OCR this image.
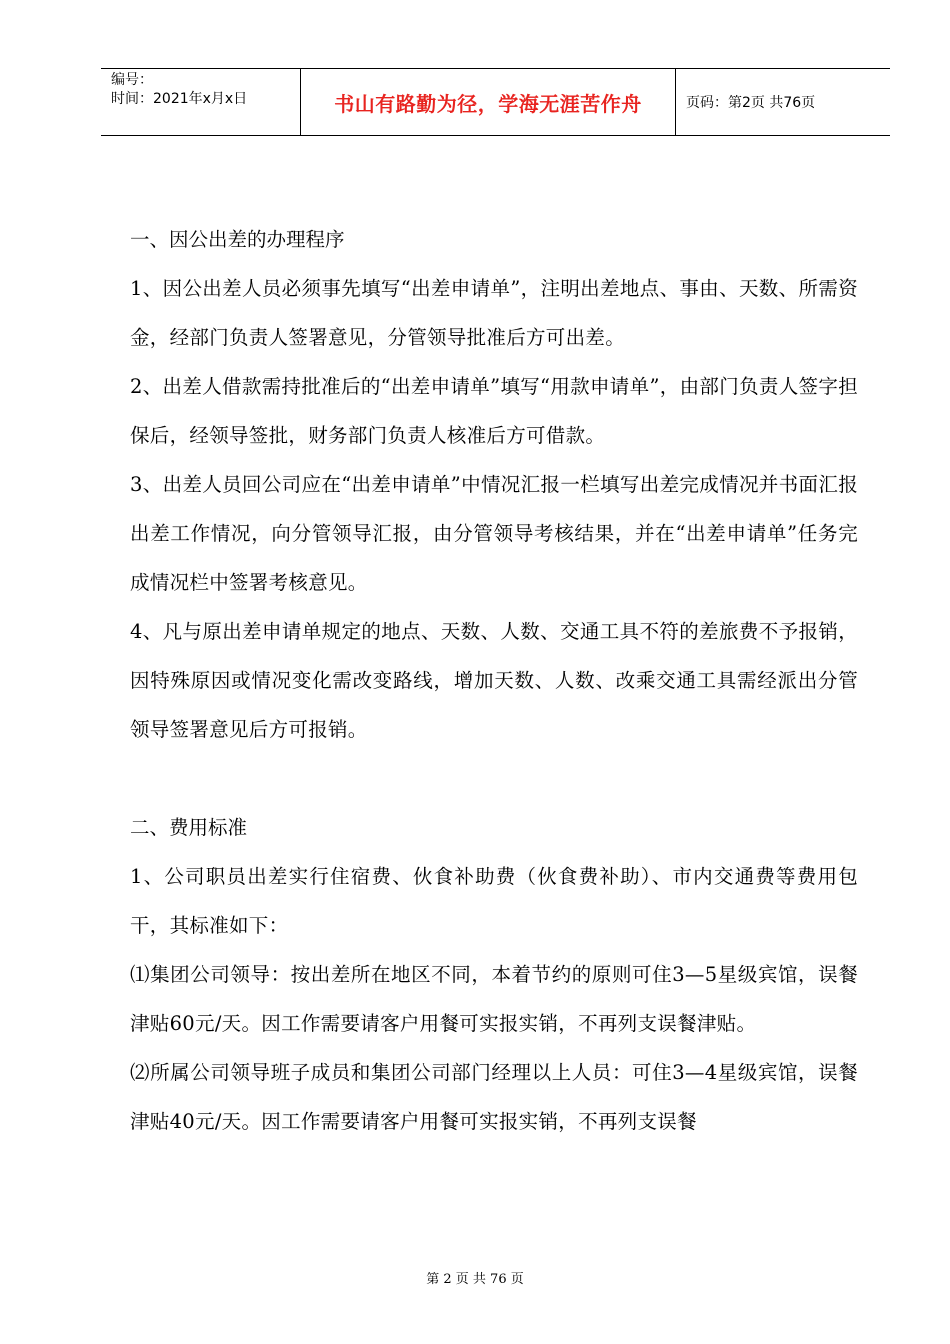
编号：
时间：2021年x月x日	书山有路勤为径，学海无涯苦作舟	页码：第2页 共76页

一、因公出差的办理程序

1、因公出差人员必须事先填写“出差申请单”，注明出差地点、事由、天数、所需资金，经部门负责人签署意见，分管领导批准后方可出差。

2、出差人借款需持批准后的“出差申请单”填写“用款申请单”，由部门负责人签字担保后，经领导签批，财务部门负责人核准后方可借款。

3、出差人员回公司应在“出差申请单”中情况汇报一栏填写出差完成情况并书面汇报出差工作情况，向分管领导汇报，由分管领导考核结果，并在“出差申请单”任务完成情况栏中签署考核意见。

4、凡与原出差申请单规定的地点、天数、人数、交通工具不符的差旅费不予报销，因特殊原因或情况变化需改变路线，增加天数、人数、改乘交通工具需经派出分管领导签署意见后方可报销。

二、费用标准

1、公司职员出差实行住宿费、伙食补助费（伙食费补助）、市内交通费等费用包干，其标准如下：

⑴集团公司领导：按出差所在地区不同，本着节约的原则可住3—5星级宾馆，误餐津贴60元/天。因工作需要请客户用餐可实报实销，不再列支误餐津贴。

⑵所属公司领导班子成员和集团公司部门经理以上人员：可住3—4星级宾馆，误餐津贴40元/天。因工作需要请客户用餐可实报实销，不再列支误餐

第 2 页 共 76 页
